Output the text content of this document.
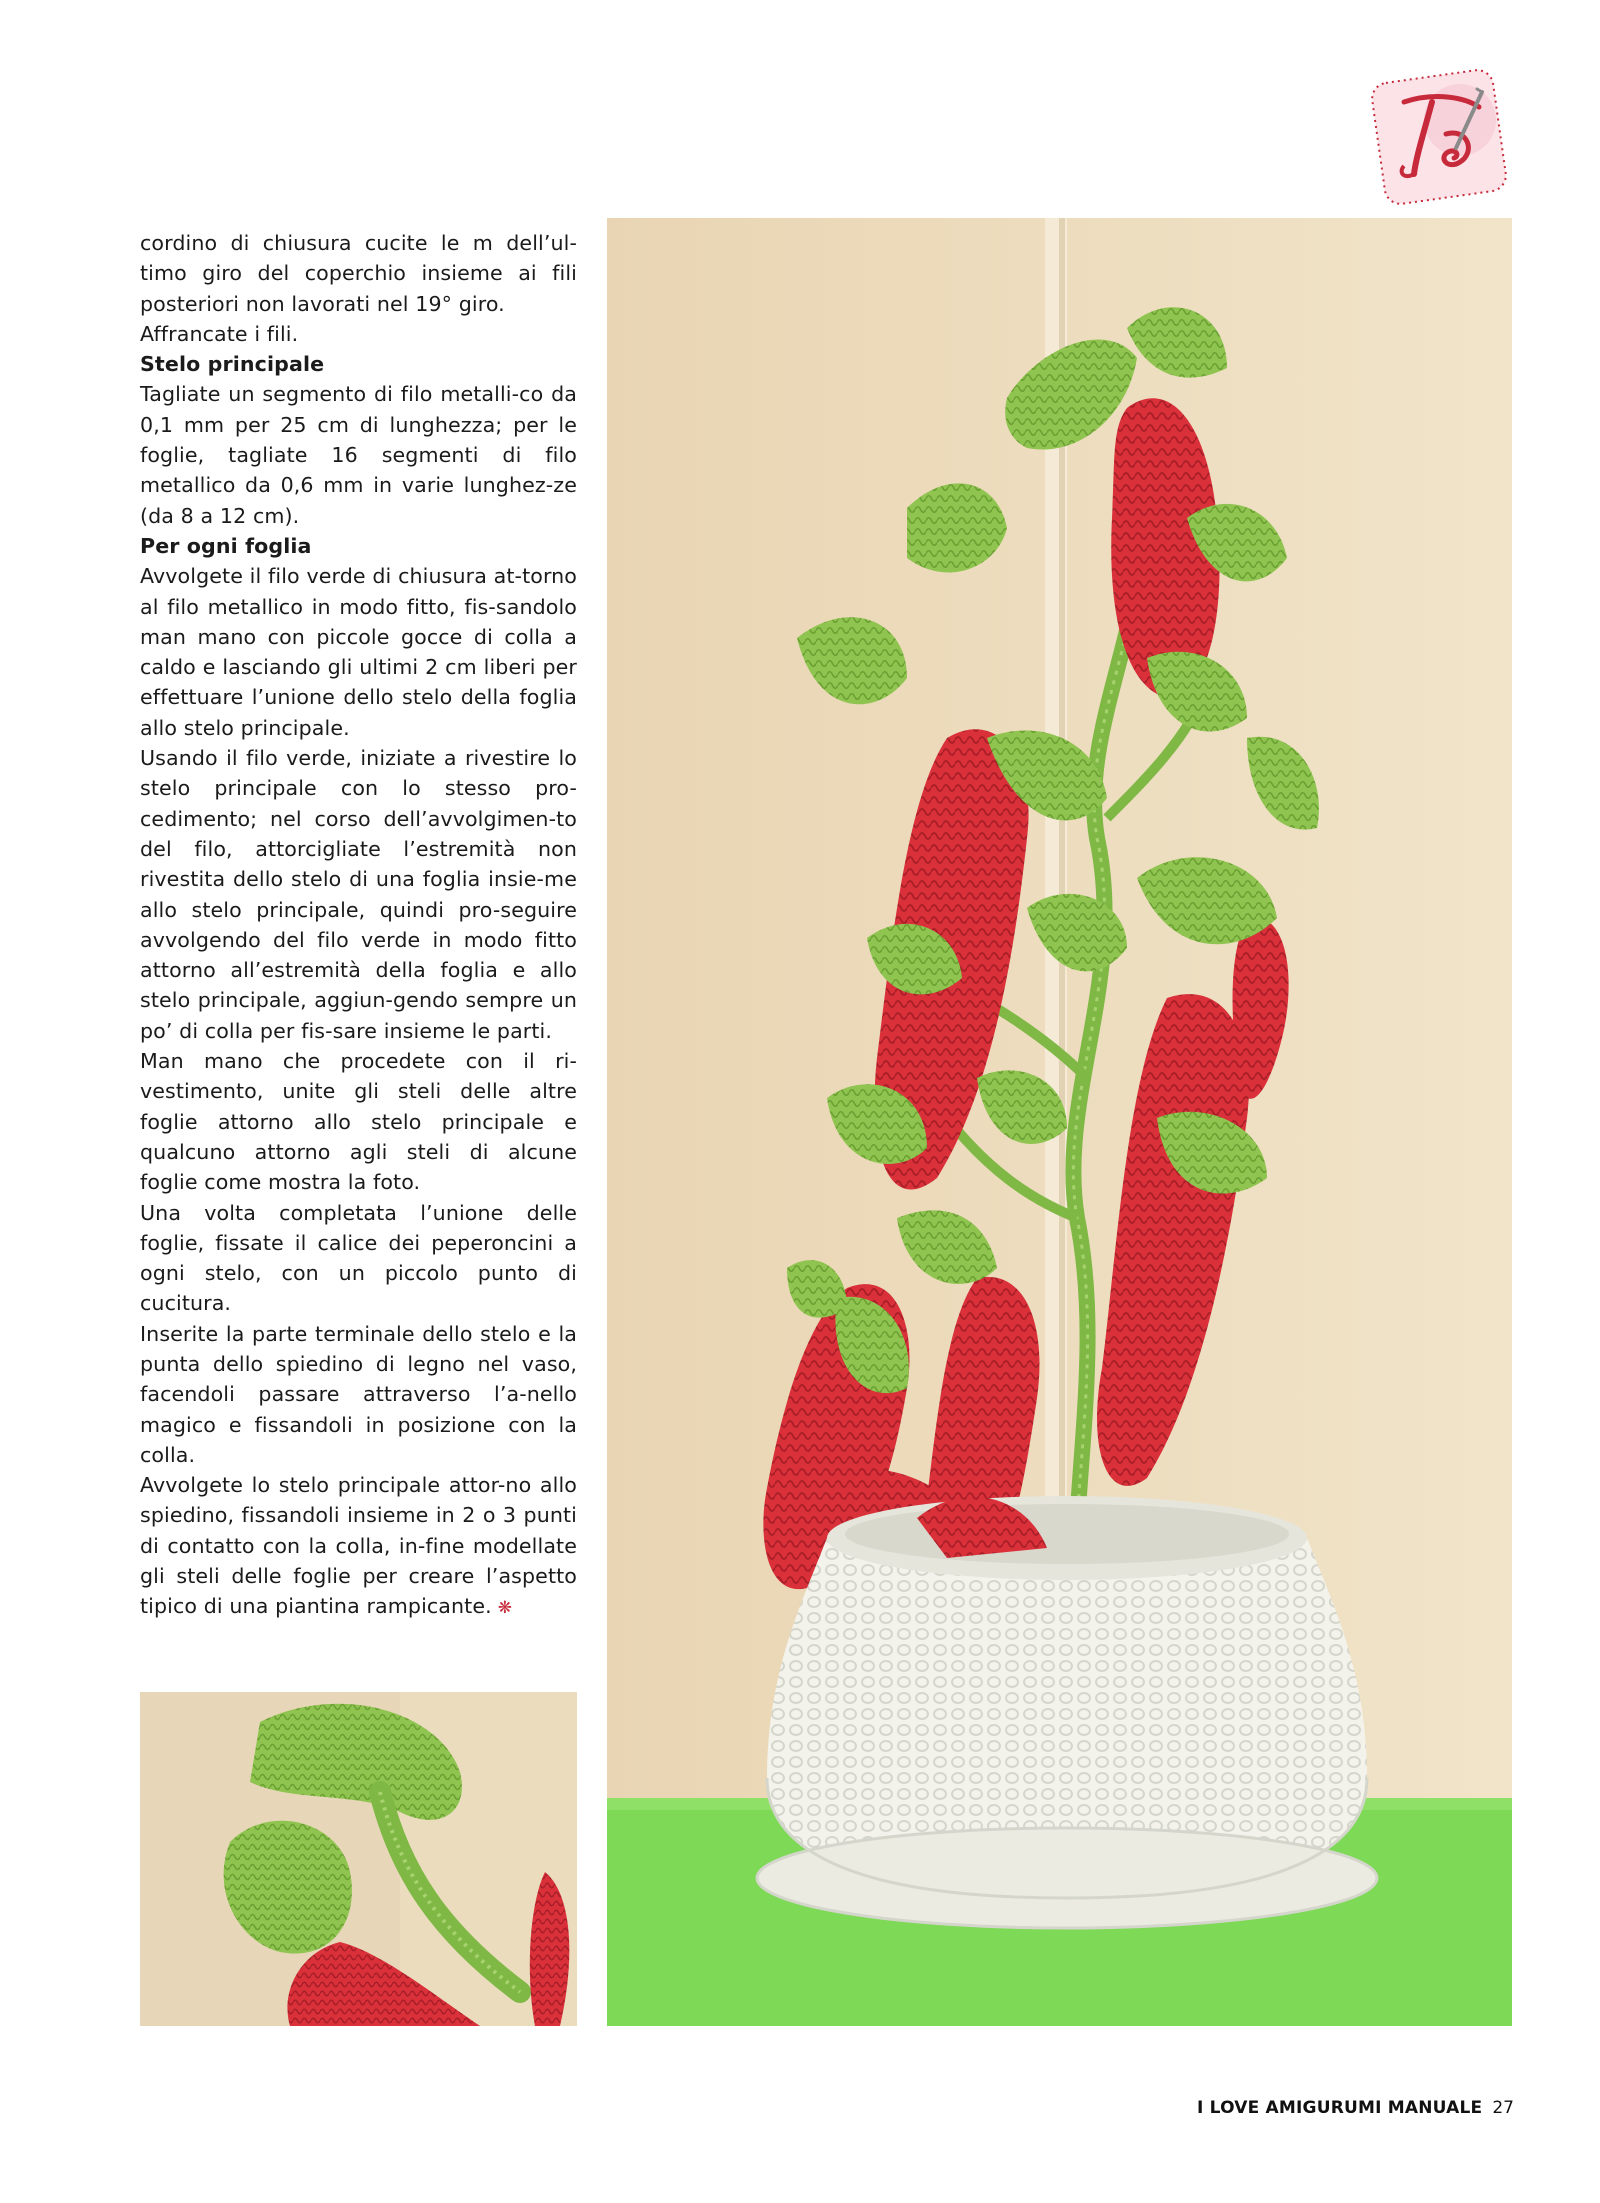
cordino di chiusura cucite le m dell’ul-timo giro del coperchio insieme ai fili posteriori non lavorati nel 19° giro.

Affrancate i fili.

Stelo principale

Tagliate un segmento di filo metalli-co da 0,1 mm per 25 cm di lunghezza; per le foglie, tagliate 16 segmenti di filo metallico da 0,6 mm in varie lunghez-ze (da 8 a 12 cm).

Per ogni foglia

Avvolgete il filo verde di chiusura at-torno al filo metallico in modo fitto, fis-sandolo man mano con piccole gocce di colla a caldo e lasciando gli ultimi 2 cm liberi per effettuare l’unione dello stelo della foglia allo stelo principale.

Usando il filo verde, iniziate a rivestire lo stelo principale con lo stesso pro-cedimento; nel corso dell’avvolgimen-to del filo, attorcigliate l’estremità non rivestita dello stelo di una foglia insie-me allo stelo principale, quindi pro-seguire avvolgendo del filo verde in modo fitto attorno all’estremità della foglia e allo stelo principale, aggiun-gendo sempre un po’ di colla per fis-sare insieme le parti.

Man mano che procedete con il ri-vestimento, unite gli steli delle altre foglie attorno allo stelo principale e qualcuno attorno agli steli di alcune foglie come mostra la foto.

Una volta completata l’unione delle foglie, fissate il calice dei peperoncini a ogni stelo, con un piccolo punto di cucitura.

Inserite la parte terminale dello stelo e la punta dello spiedino di legno nel vaso, facendoli passare attraverso l’a-nello magico e fissandoli in posizione con la colla.

Avvolgete lo stelo principale attor-no allo spiedino, fissandoli insieme in 2 o 3 punti di contatto con la colla, in-fine modellate gli steli delle foglie per creare l’aspetto tipico di una piantina rampicante. ❋

I LOVE AMIGURUMI MANUALE 27
